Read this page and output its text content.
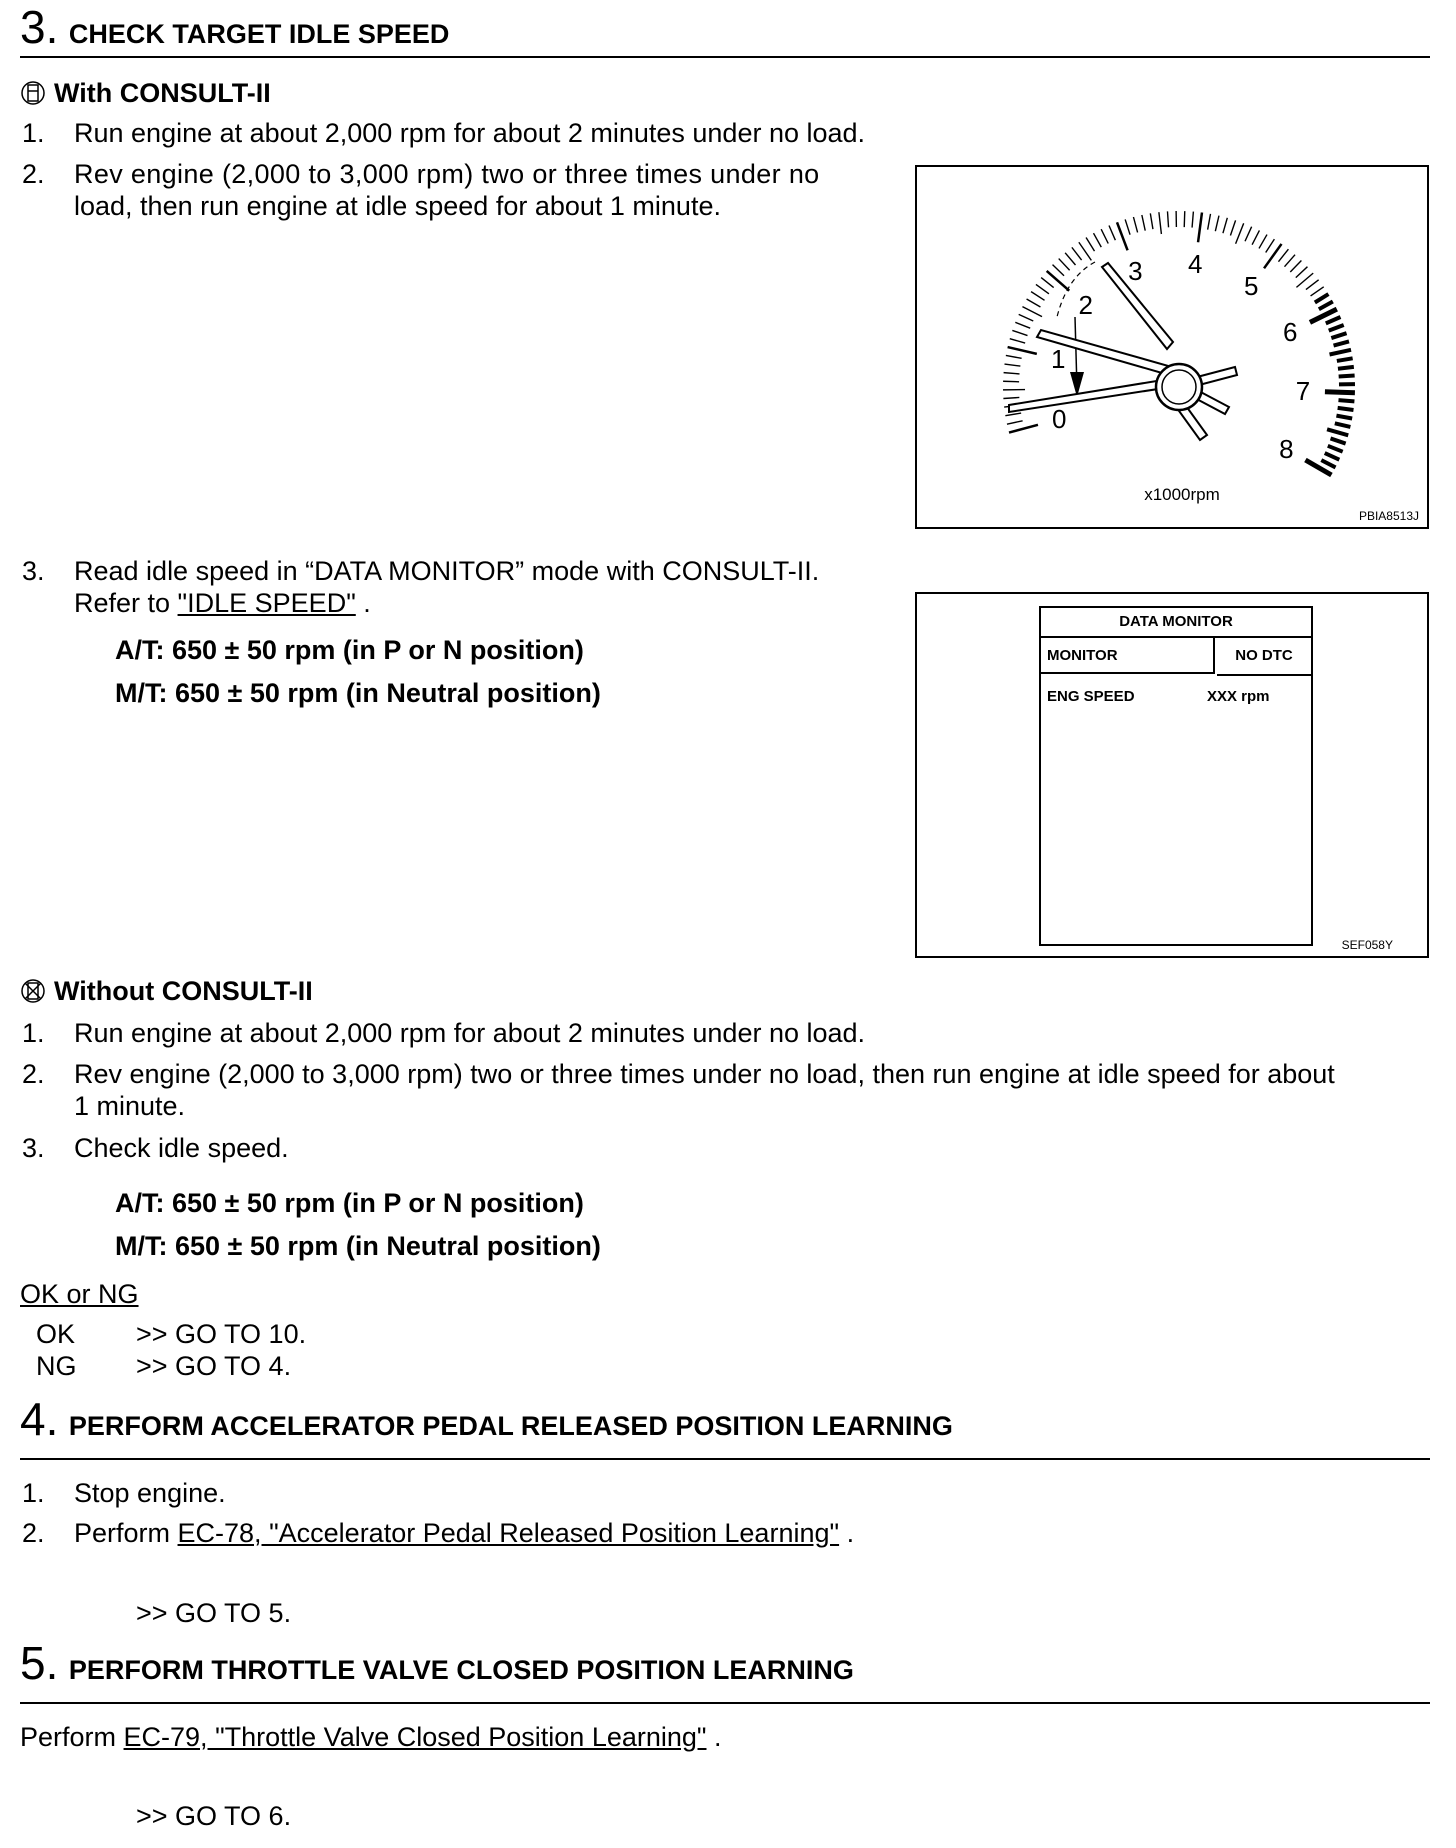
3. CHECK TARGET IDLE SPEED
With CONSULT-II
1. Run engine at about 2,000 rpm for about 2 minutes under no load.
2. Rev engine (2,000 to 3,000 rpm) two or three times under no
load, then run engine at idle speed for about 1 minute.
3. Read idle speed in “DATA MONITOR” mode with CONSULT-II.
Refer to "IDLE SPEED" .
A/T: 650 ± 50 rpm (in P or N position)
M/T: 650 ± 50 rpm (in Neutral position)
0
1
2
3 4
5
6
7
8
x1000rpm
PBIA8513J
DATA MONITOR
MONITOR	NO DTC
ENG SPEED	XXX rpm
SEF058Y
Without CONSULT-II
1. Run engine at about 2,000 rpm for about 2 minutes under no load.
2. Rev engine (2,000 to 3,000 rpm) two or three times under no load, then run engine at idle speed for about
1 minute.
3. Check idle speed.
A/T: 650 ± 50 rpm (in P or N position)
M/T: 650 ± 50 rpm (in Neutral position)
OK or NG
OK >> GO TO 10.
NG >> GO TO 4.
4. PERFORM ACCELERATOR PEDAL RELEASED POSITION LEARNING
1. Stop engine.
2. Perform EC-78, "Accelerator Pedal Released Position Learning" .
>> GO TO 5.
5. PERFORM THROTTLE VALVE CLOSED POSITION LEARNING
Perform EC-79, "Throttle Valve Closed Position Learning" .
>> GO TO 6.
